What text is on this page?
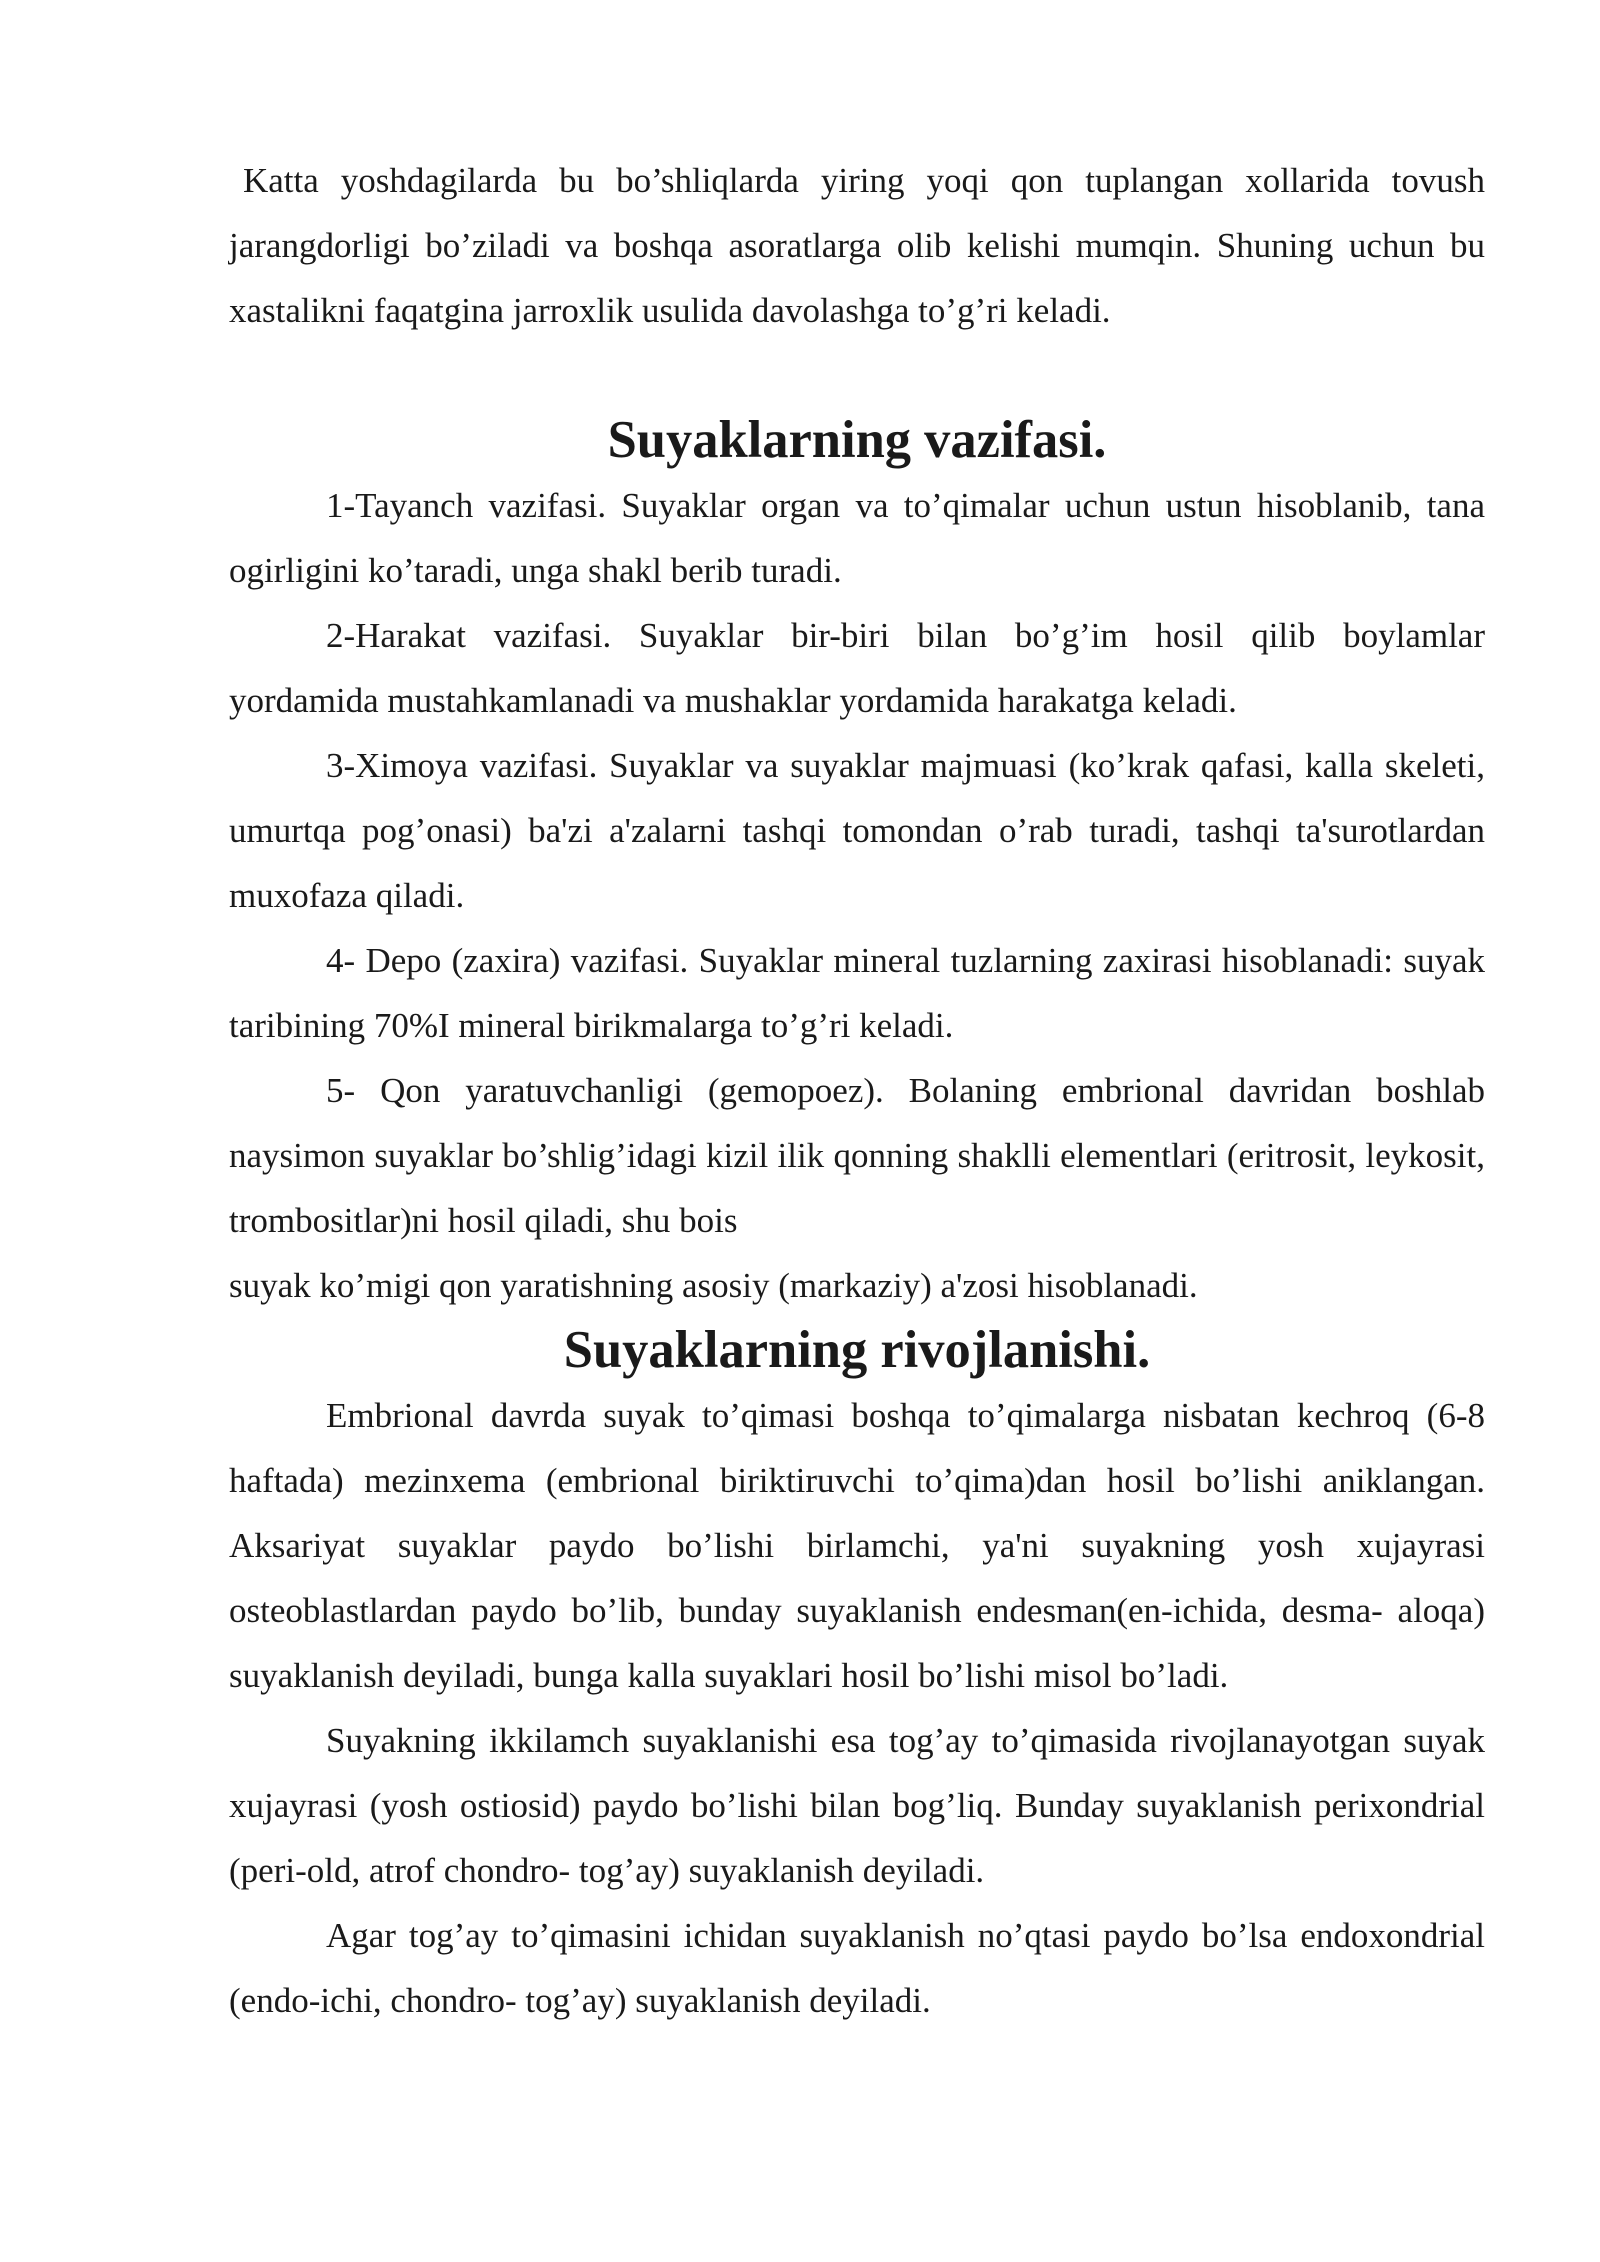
Katta yoshdagilarda bu bo’shliqlarda yiring yoqi qon tuplangan xollarida tovush jarangdorligi bo’ziladi va boshqa asoratlarga olib kelishi mumqin. Shuning uchun bu xastalikni faqatgina jarroxlik usulida davolashga to’g’ri keladi.

Suyaklarning vazifasi.

1-Tayanch vazifasi. Suyaklar organ va to’qimalar uchun ustun hisoblanib, tana ogirligini ko’taradi, unga shakl berib turadi.

2-Harakat vazifasi. Suyaklar bir-biri bilan bo’g’im hosil qilib boylamlar yordamida mustahkamlanadi va mushaklar yordamida harakatga keladi.

3-Ximoya vazifasi. Suyaklar va suyaklar majmuasi (ko’krak qafasi, kalla skeleti, umurtqa pog’onasi) ba'zi a'zalarni tashqi tomondan o’rab turadi, tashqi ta'surotlardan muxofaza qiladi.

4- Depo (zaxira) vazifasi. Suyaklar mineral tuzlarning zaxirasi hisoblanadi: suyak taribining 70%I mineral birikmalarga to’g’ri keladi.

5- Qon yaratuvchanligi (gemopoez). Bolaning embrional davridan boshlab naysimon suyaklar bo’shlig’idagi kizil ilik qonning shaklli elementlari (eritrosit, leykosit, trombositlar)ni hosil qiladi, shu bois

suyak ko’migi qon yaratishning asosiy (markaziy) a'zosi hisoblanadi.

Suyaklarning rivojlanishi.

Embrional davrda suyak to’qimasi boshqa to’qimalarga nisbatan kechroq (6-8 haftada) mezinxema (embrional biriktiruvchi to’qima)dan hosil bo’lishi aniklangan. Aksariyat suyaklar paydo bo’lishi birlamchi, ya'ni suyakning yosh xujayrasi osteoblastlardan paydo bo’lib, bunday suyaklanish endesman(en-ichida, desma- aloqa) suyaklanish deyiladi, bunga kalla suyaklari hosil bo’lishi misol bo’ladi.

Suyakning ikkilamch suyaklanishi esa tog’ay to’qimasida rivojlanayotgan suyak xujayrasi (yosh ostiosid) paydo bo’lishi bilan bog’liq. Bunday suyaklanish perixondrial (peri-old, atrof chondro- tog’ay) suyaklanish deyiladi.

Agar tog’ay to’qimasini ichidan suyaklanish no’qtasi paydo bo’lsa endoxondrial (endo-ichi, chondro- tog’ay) suyaklanish deyiladi.
